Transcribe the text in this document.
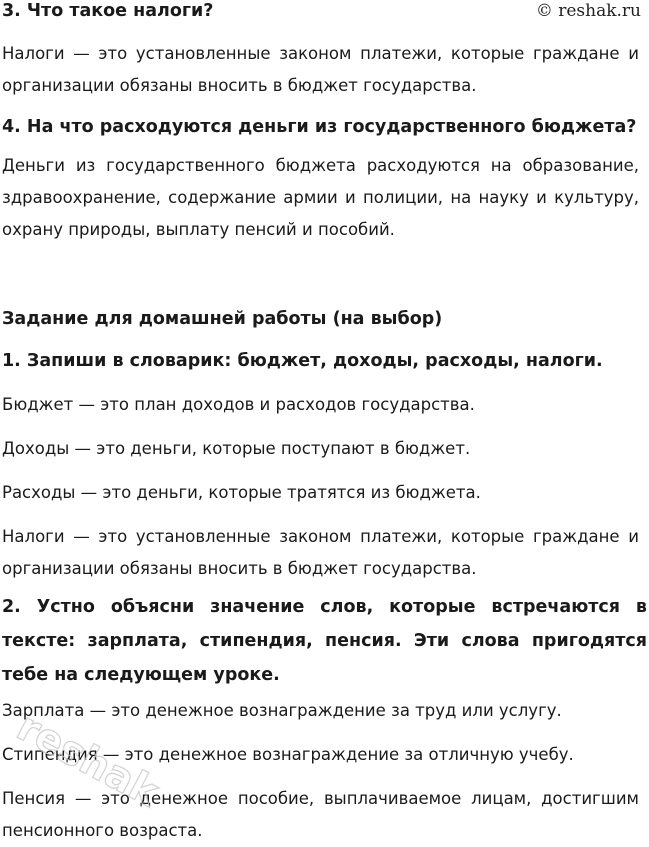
© reshak.ru

3. Что такое налоги?

Налоги — это установленные законом платежи, которые граждане и организации обязаны вносить в бюджет государства.

4. На что расходуются деньги из государственного бюджета?

Деньги из государственного бюджета расходуются на образование, здравоохранение, содержание армии и полиции, на науку и культуру, охрану природы, выплату пенсий и пособий.

Задание для домашней работы (на выбор)

1. Запиши в словарик: бюджет, доходы, расходы, налоги.

Бюджет — это план доходов и расходов государства.

Доходы — это деньги, которые поступают в бюджет.

Расходы — это деньги, которые тратятся из бюджета.

Налоги — это установленные законом платежи, которые граждане и организации обязаны вносить в бюджет государства.

2. Устно объясни значение слов, которые встречаются в тексте: зарплата, стипендия, пенсия. Эти слова пригодятся тебе на следующем уроке.

Зарплата — это денежное вознаграждение за труд или услугу.

Стипендия — это денежное вознаграждение за отличную учебу.

Пенсия — это денежное пособие, выплачиваемое лицам, достигшим пенсионного возраста.

reshak
